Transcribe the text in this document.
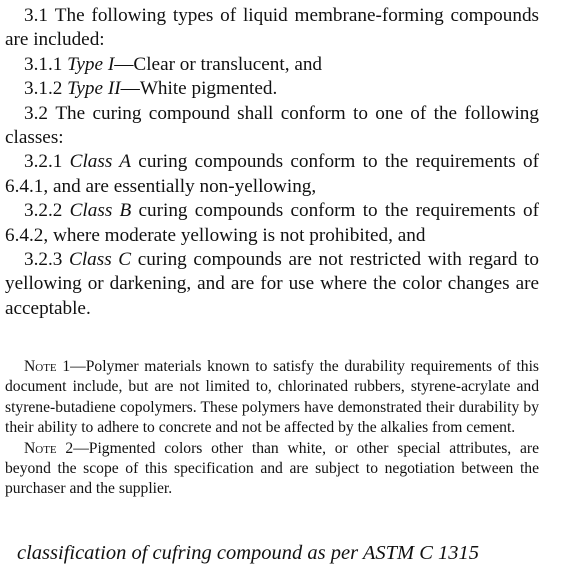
3.1 The following types of liquid membrane-forming compounds are included:
3.1.1 Type I—Clear or translucent, and
3.1.2 Type II—White pigmented.
3.2 The curing compound shall conform to one of the following classes:
3.2.1 Class A curing compounds conform to the requirements of 6.4.1, and are essentially non-yellowing,
3.2.2 Class B curing compounds conform to the requirements of 6.4.2, where moderate yellowing is not prohibited, and
3.2.3 Class C curing compounds are not restricted with regard to yellowing or darkening, and are for use where the color changes are acceptable.
Note 1—Polymer materials known to satisfy the durability requirements of this document include, but are not limited to, chlorinated rubbers, styrene-acrylate and styrene-butadiene copolymers. These polymers have demonstrated their durability by their ability to adhere to concrete and not be affected by the alkalies from cement.
Note 2—Pigmented colors other than white, or other special attributes, are beyond the scope of this specification and are subject to negotiation between the purchaser and the supplier.
classification of cufring compound as per ASTM C 1315
